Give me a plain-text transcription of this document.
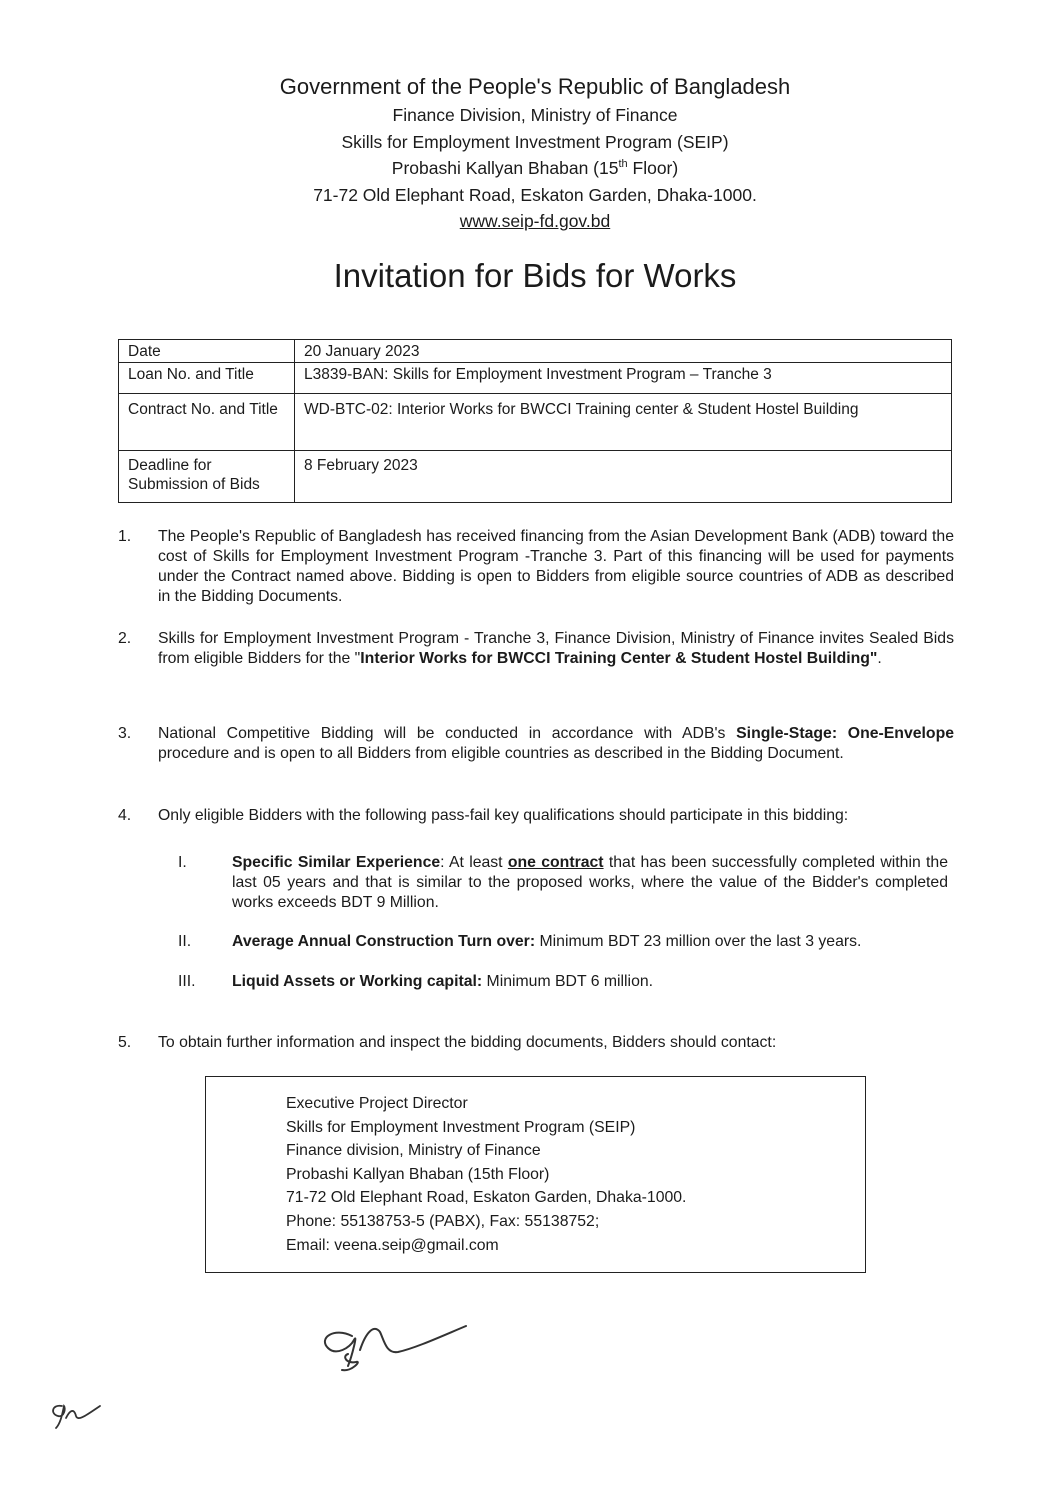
Government of the People's Republic of Bangladesh
Finance Division, Ministry of Finance
Skills for Employment Investment Program (SEIP)
Probashi Kallyan Bhaban (15th Floor)
71-72 Old Elephant Road, Eskaton Garden, Dhaka-1000.
www.seip-fd.gov.bd
Invitation for Bids for Works
Date	20 January 2023
Loan No. and Title	L3839-BAN: Skills for Employment Investment Program – Tranche 3
Contract No. and Title	WD-BTC-02: Interior Works for BWCCI Training center & Student Hostel Building
Deadline for Submission of Bids	8 February 2023
1.	The People's Republic of Bangladesh has received financing from the Asian Development Bank (ADB) toward the cost of Skills for Employment Investment Program -Tranche 3. Part of this financing will be used for payments under the Contract named above. Bidding is open to Bidders from eligible source countries of ADB as described in the Bidding Documents.
2.	Skills for Employment Investment Program - Tranche 3, Finance Division, Ministry of Finance invites Sealed Bids from eligible Bidders for the "Interior Works for BWCCI Training Center & Student Hostel Building".
3.	National Competitive Bidding will be conducted in accordance with ADB's Single-Stage: One-Envelope procedure and is open to all Bidders from eligible countries as described in the Bidding Document.
4.	Only eligible Bidders with the following pass-fail key qualifications should participate in this bidding:
I.	Specific Similar Experience: At least one contract that has been successfully completed within the last 05 years and that is similar to the proposed works, where the value of the Bidder's completed works exceeds BDT 9 Million.
II.	Average Annual Construction Turn over: Minimum BDT 23 million over the last 3 years.
III.	Liquid Assets or Working capital: Minimum BDT 6 million.
5.	To obtain further information and inspect the bidding documents, Bidders should contact:
Executive Project Director
Skills for Employment Investment Program (SEIP)
Finance division, Ministry of Finance
Probashi Kallyan Bhaban (15th Floor)
71-72 Old Elephant Road, Eskaton Garden, Dhaka-1000.
Phone: 55138753-5 (PABX), Fax: 55138752;
Email: veena.seip@gmail.com
